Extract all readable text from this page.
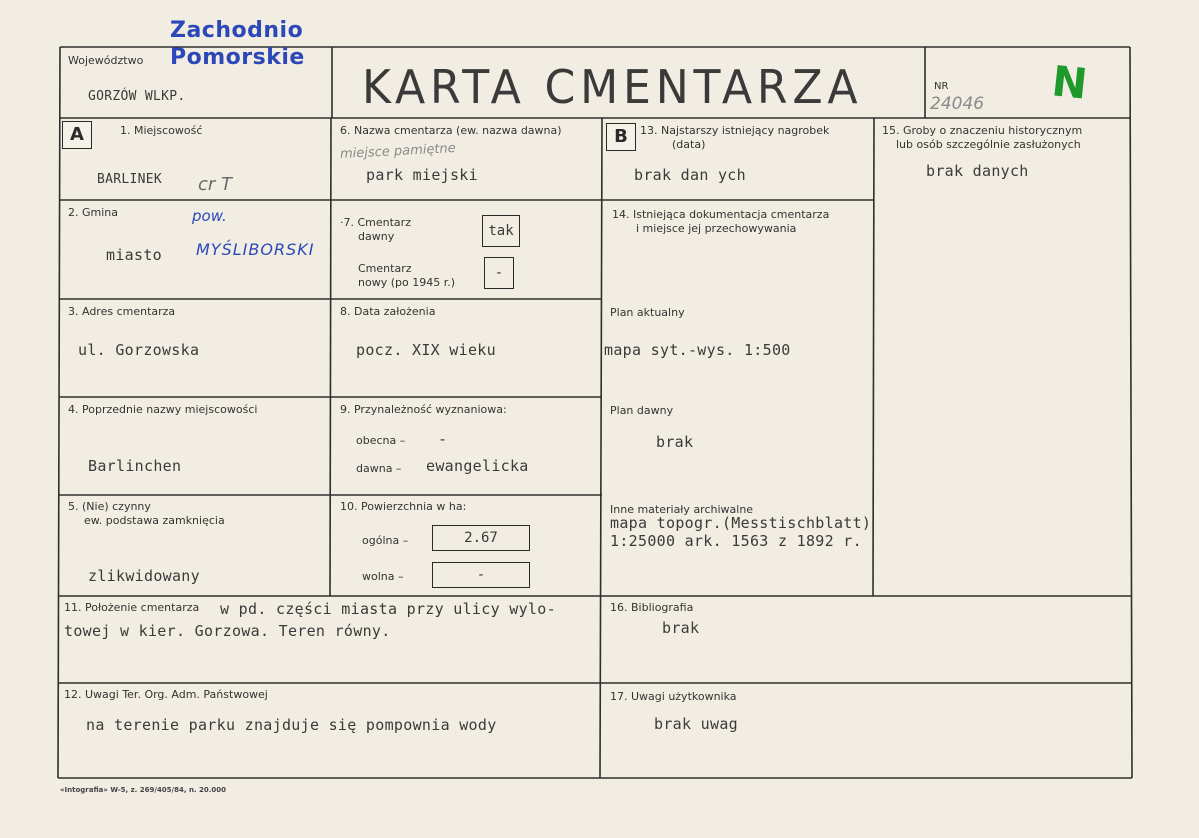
Województwo
Zachodnio
Pomorskie
GORZÓW WLKP.	KARTA CMENTARZA	NR
24046 N
A	1. Miejscowość
BARLINEK cr T
2. Gmina	pow.
MYŚLIBORSKI
miasto
3. Adres cmentarza
ul. Gorzowska
4. Poprzednie nazwy miejscowości
Barlinchen
5. (Nie) czynny
ew. podstawa zamknięcia
zlikwidowany
6. Nazwa cmentarza (ew. nazwa dawna)
miejsce pamiętne
park miejski
·7. Cmentarz
dawny	tak
Cmentarz
nowy (po 1945 r.)
-
8. Data założenia
pocz. XIX wieku
9. Przynależność wyznaniowa:
obecna – -
dawna – ewangelicka
10. Powierzchnia w ha:
ogólna –	2.67
wolna –	-
B	13. Najstarszy istniejący nagrobek
(data)
brak dan ych
14. Istniejąca dokumentacja cmentarza
i miejsce jej przechowywania
Plan aktualny
mapa syt.-wys. 1:500
Plan dawny
brak
Inne materiały archiwalne
mapa topogr.(Messtischblatt)
1:25000 ark. 1563 z 1892 r.
15. Groby o znaczeniu historycznym
lub osób szczególnie zasłużonych
brak danych
11. Położenie cmentarza w pd. części miasta przy ulicy wylo-
towej w kier. Gorzowa. Teren równy.
16. Bibliografia
brak
12. Uwagi Ter. Org. Adm. Państwowej
na terenie parku znajduje się pompownia wody
17. Uwagi użytkownika
brak uwag
«Intografia» W-5, z. 269/405/84, n. 20.000
